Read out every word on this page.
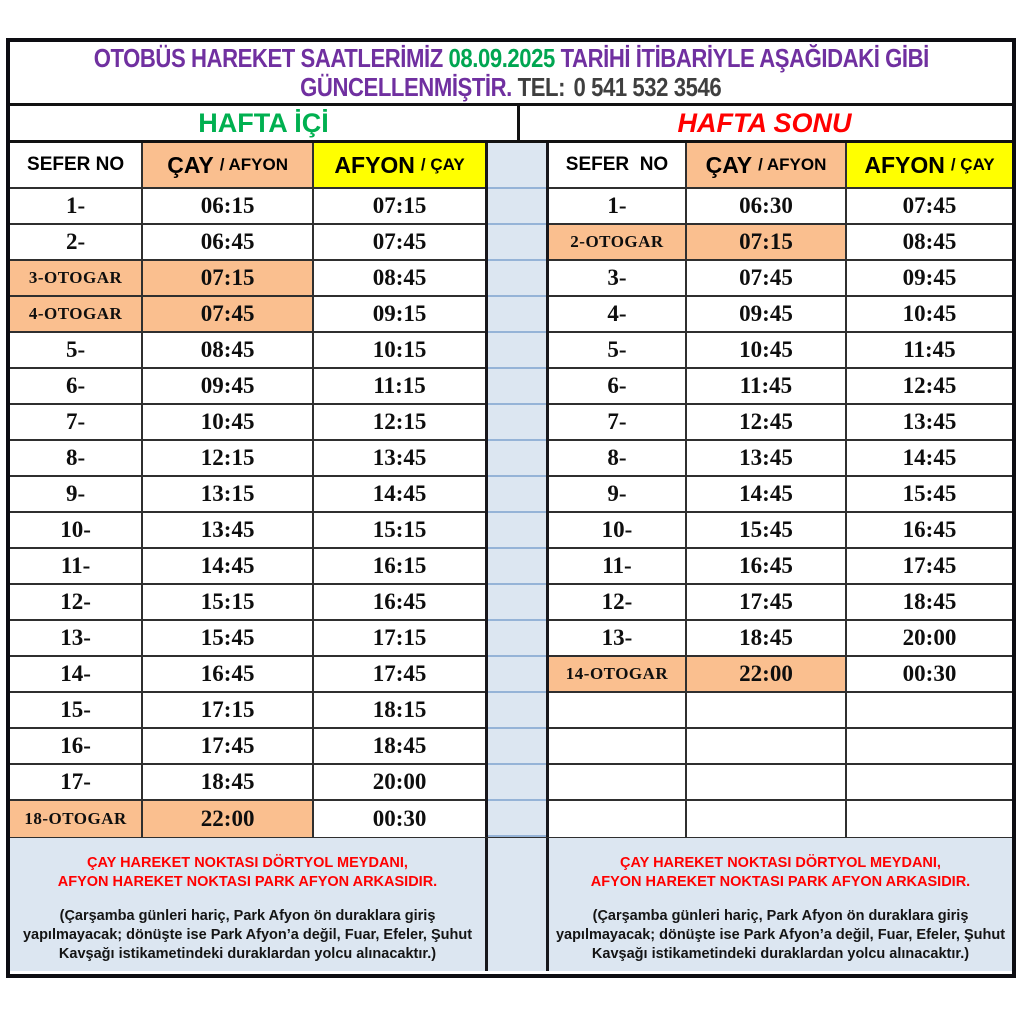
OTOBÜS HAREKET SAATLERİMİZ 08.09.2025 TARİHİ İTİBARİYLE AŞAĞIDAKİ GİBİ
GÜNCELLENMİŞTİR. TEL: 0 541 532 3546
HAFTA İÇİ	HAFTA SONU
SEFER NO	ÇAY / AFYON AFYON / ÇAY
1-	06:15	07:15
2-	06:45	07:45
3-OTOGAR	07:15	08:45
4-OTOGAR	07:45	09:15
5-	08:45	10:15
6-	09:45	11:15
7-	10:45	12:15
8-	12:15	13:45
9-	13:15	14:45
10-	13:45	15:15
11-	14:45	16:15
12-	15:15	16:45
13-	15:45	17:15
14-	16:45	17:45
15-	17:15	18:15
16-	17:45	18:45
17-	18:45	20:00
18-OTOGAR	22:00	00:30
SEFER  NO	ÇAY / AFYON AFYON / ÇAY
1-	06:30	07:45
2-OTOGAR	07:15	08:45
3-	07:45	09:45
4-	09:45	10:45
5-	10:45	11:45
6-	11:45	12:45
7-	12:45	13:45
8-	13:45	14:45
9-	14:45	15:45
10-	15:45	16:45
11-	16:45	17:45
12-	17:45	18:45
13-	18:45	20:00
14-OTOGAR	22:00	00:30
ÇAY HAREKET NOKTASI DÖRTYOL MEYDANI,
AFYON HAREKET NOKTASI PARK AFYON ARKASIDIR.
(Çarşamba günleri hariç, Park Afyon ön duraklara giriş yapılmayacak; dönüşte ise Park Afyon’a değil, Fuar, Efeler, Şuhut Kavşağı istikametindeki duraklardan yolcu alınacaktır.)
ÇAY HAREKET NOKTASI DÖRTYOL MEYDANI,
AFYON HAREKET NOKTASI PARK AFYON ARKASIDIR.
(Çarşamba günleri hariç, Park Afyon ön duraklara giriş yapılmayacak; dönüşte ise Park Afyon’a değil, Fuar, Efeler, Şuhut Kavşağı istikametindeki duraklardan yolcu alınacaktır.)
